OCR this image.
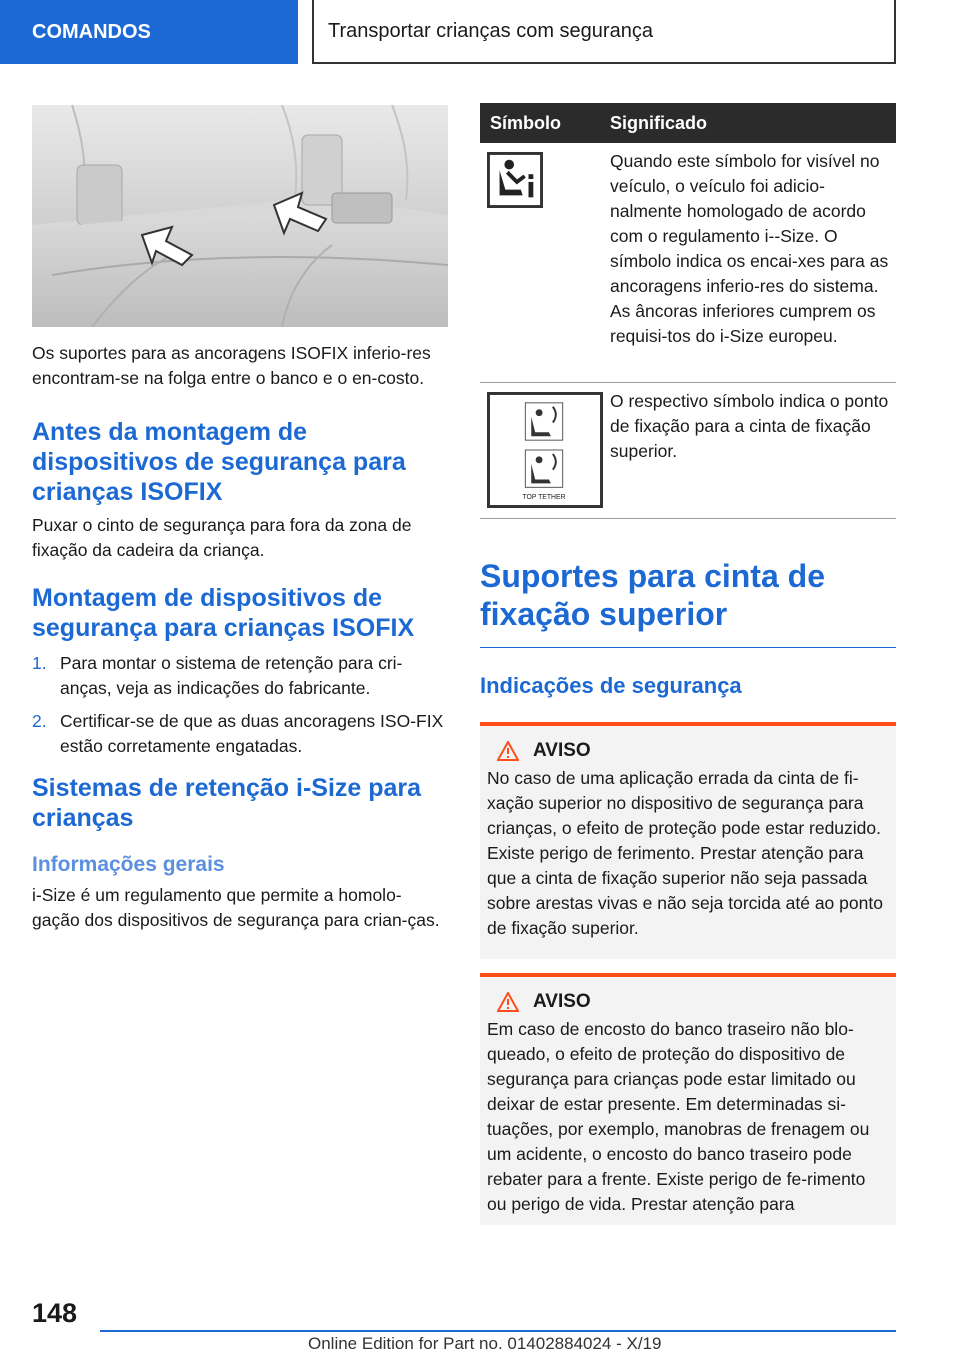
COMANDOS	Transportar crianças com segurança

Os suportes para as ancoragens ISOFIX inferio-res encontram-se na folga entre o banco e o en-costo.

Antes da montagem de dispositivos de segurança para crianças ISOFIX

Puxar o cinto de segurança para fora da zona de fixação da cadeira da criança.

Montagem de dispositivos de segurança para crianças ISOFIX
1. Para montar o sistema de retenção para cri-anças, veja as indicações do fabricante.
2. Certificar-se de que as duas ancoragens ISO-FIX estão corretamente engatadas.
Sistemas de retenção i-Size para crianças
Informações gerais

i-Size é um regulamento que permite a homolo-gação dos dispositivos de segurança para crian-ças.

Símbolo	Significado
Quando este símbolo for visível no veículo, o veículo foi adicio-nalmente homologado de acordo com o regulamento i--Size. O símbolo indica os encai-xes para as ancoragens inferio-res do sistema. As âncoras inferiores cumprem os requisi-tos do i-Size europeu.
TOP TETHER
O respectivo símbolo indica o ponto de fixação para a cinta de fixação superior.
Suportes para cinta de fixação superior
Indicações de segurança
AVISO

No caso de uma aplicação errada da cinta de fi-xação superior no dispositivo de segurança para crianças, o efeito de proteção pode estar reduzido. Existe perigo de ferimento. Prestar atenção para que a cinta de fixação superior não seja passada sobre arestas vivas e não seja torcida até ao ponto de fixação superior.

AVISO

Em caso de encosto do banco traseiro não blo-queado, o efeito de proteção do dispositivo de segurança para crianças pode estar limitado ou deixar de estar presente. Em determinadas si-tuações, por exemplo, manobras de frenagem ou um acidente, o encosto do banco traseiro pode rebater para a frente. Existe perigo de fe-rimento ou perigo de vida. Prestar atenção para

148
Online Edition for Part no. 01402884024 - X/19
